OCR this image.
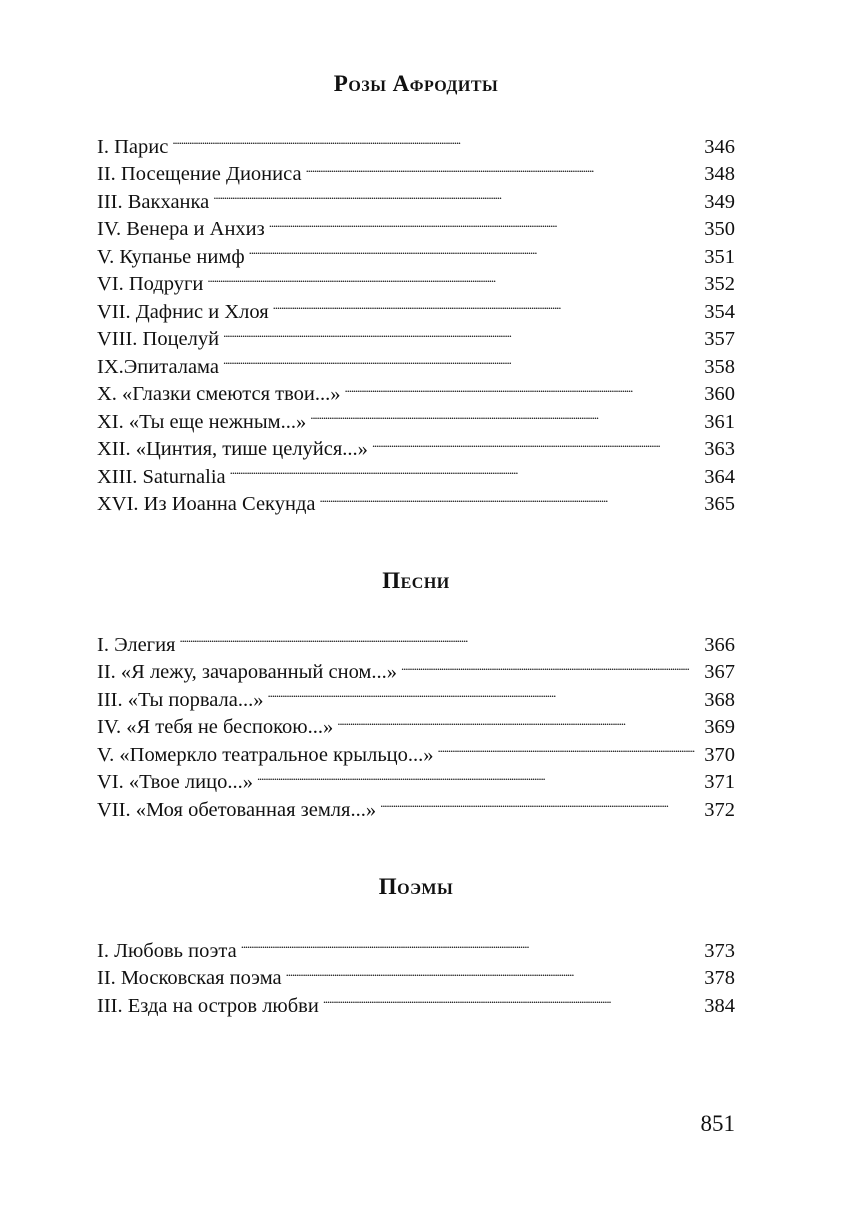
Розы Афродиты
I. Парис . . .	346
II. Посещение Диониса . . .	348
III. Вакханка . . .	349
IV. Венера и Анхиз . . .	350
V. Купанье нимф . . .	351
VI. Подруги . . .	352
VII. Дафнис и Хлоя . . .	354
VIII. Поцелуй . . .	357
IX.Эпиталама . . .	358
X. «Глазки смеются твои...» . . .	360
XI. «Ты еще нежным...» . . .	361
XII. «Цинтия, тише целуйся...» . . .	363
XIII. Saturnalia . . .	364
XVI. Из Иоанна Секунда . . .	365
Песни
I. Элегия . . .	366
II. «Я лежу, зачарованный сном...» . . .	367
III. «Ты порвала...» . . .	368
IV. «Я тебя не беспокою...» . . .	369
V. «Померкло театральное крыльцо...» . . .	370
VI. «Твое лицо...» . . .	371
VII. «Моя обетованная земля...» . . .	372
Поэмы
I. Любовь поэта . . .	373
II. Московская поэма . . .	378
III. Езда на остров любви . . .	384
851
